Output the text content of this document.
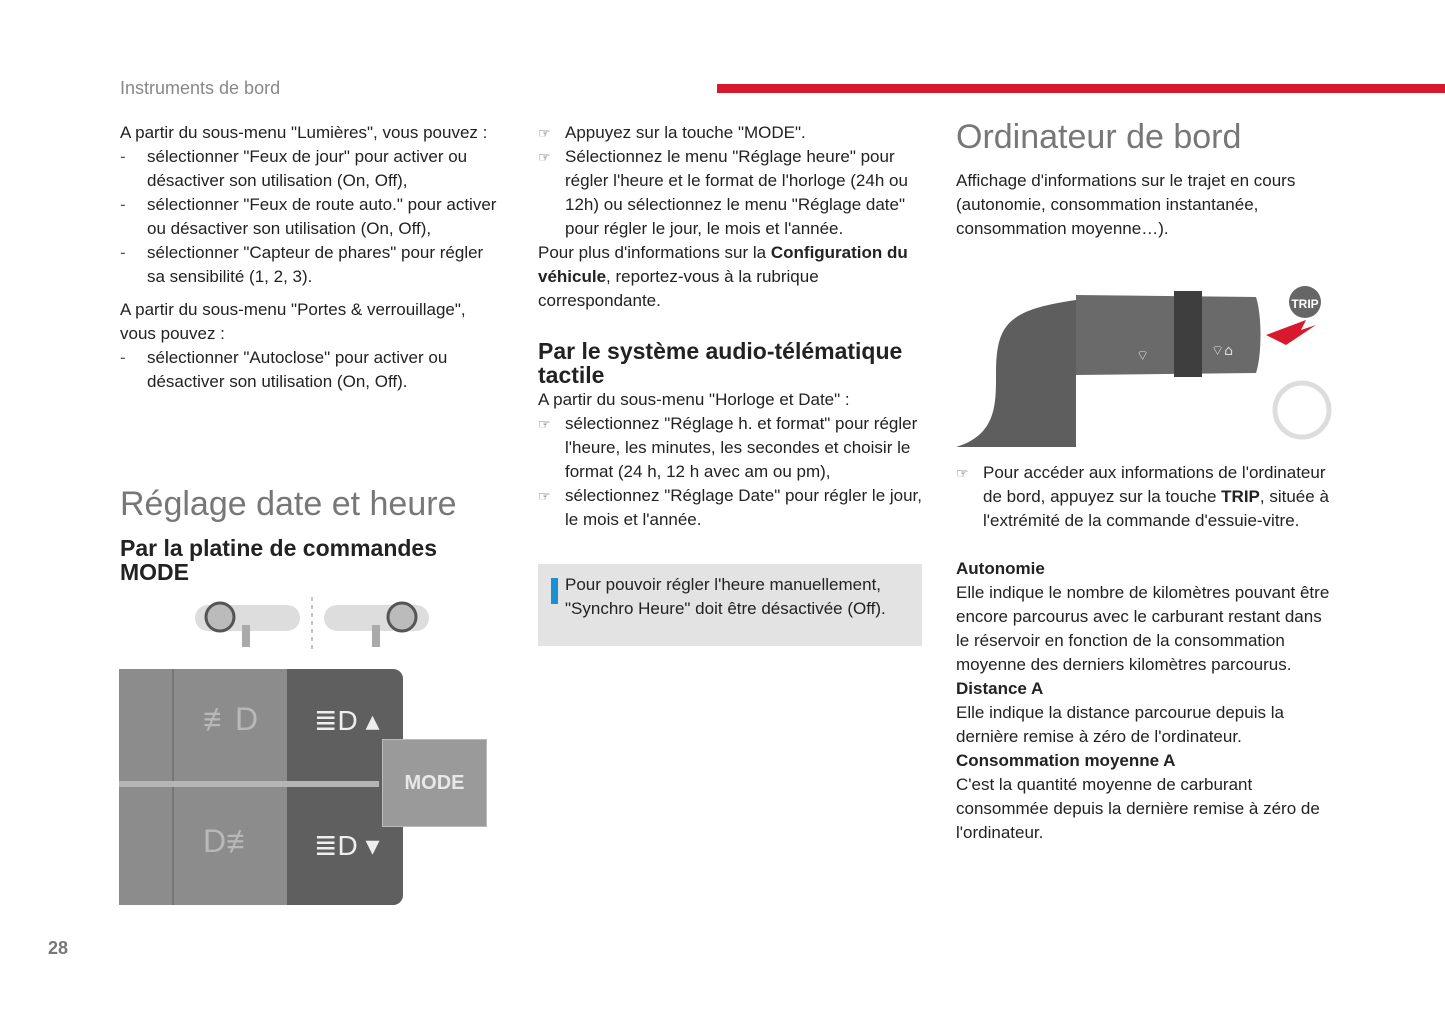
Instruments de bord
28

A partir du sous-menu "Lumières", vous pouvez :

- sélectionner "Feux de jour" pour activer ou désactiver son utilisation (On, Off),
- sélectionner "Feux de route auto." pour activer ou désactiver son utilisation (On, Off),
- sélectionner "Capteur de phares" pour régler sa sensibilité (1, 2, 3).

A partir du sous-menu "Portes & verrouillage", vous pouvez :

- sélectionner "Autoclose" pour activer ou désactiver son utilisation (On, Off).
Réglage date et heure
Par la platine de commandes MODE
≢D
D≢
≣D ▴
≣D ▾
MODE
☞ Appuyez sur la touche "MODE".
☞ Sélectionnez le menu "Réglage heure" pour régler l'heure et le format de l'horloge (24h ou 12h) ou sélectionnez le menu "Réglage date" pour régler le jour, le mois et l'année.

Pour plus d'informations sur la Configuration du véhicule, reportez-vous à la rubrique correspondante.

Par le système audio-télématique tactile

A partir du sous-menu "Horloge et Date" :

☞ sélectionnez "Réglage h. et format" pour régler l'heure, les minutes, les secondes et choisir le format (24 h, 12 h avec am ou pm),
☞ sélectionnez "Réglage Date" pour régler le jour, le mois et l'année.
Pour pouvoir régler l'heure manuellement, "Synchro Heure" doit être désactivée (Off).
Ordinateur de bord

Affichage d'informations sur le trajet en cours (autonomie, consommation instantanée, consommation moyenne…).

⌔	⌔⌂
TRIP
☞ Pour accéder aux informations de l'ordinateur de bord, appuyez sur la touche TRIP, située à l'extrémité de la commande d'essuie-vitre.
Autonomie

Elle indique le nombre de kilomètres pouvant être encore parcourus avec le carburant restant dans le réservoir en fonction de la consommation moyenne des derniers kilomètres parcourus.

Distance A

Elle indique la distance parcourue depuis la dernière remise à zéro de l'ordinateur.

Consommation moyenne A

C'est la quantité moyenne de carburant consommée depuis la dernière remise à zéro de l'ordinateur.
